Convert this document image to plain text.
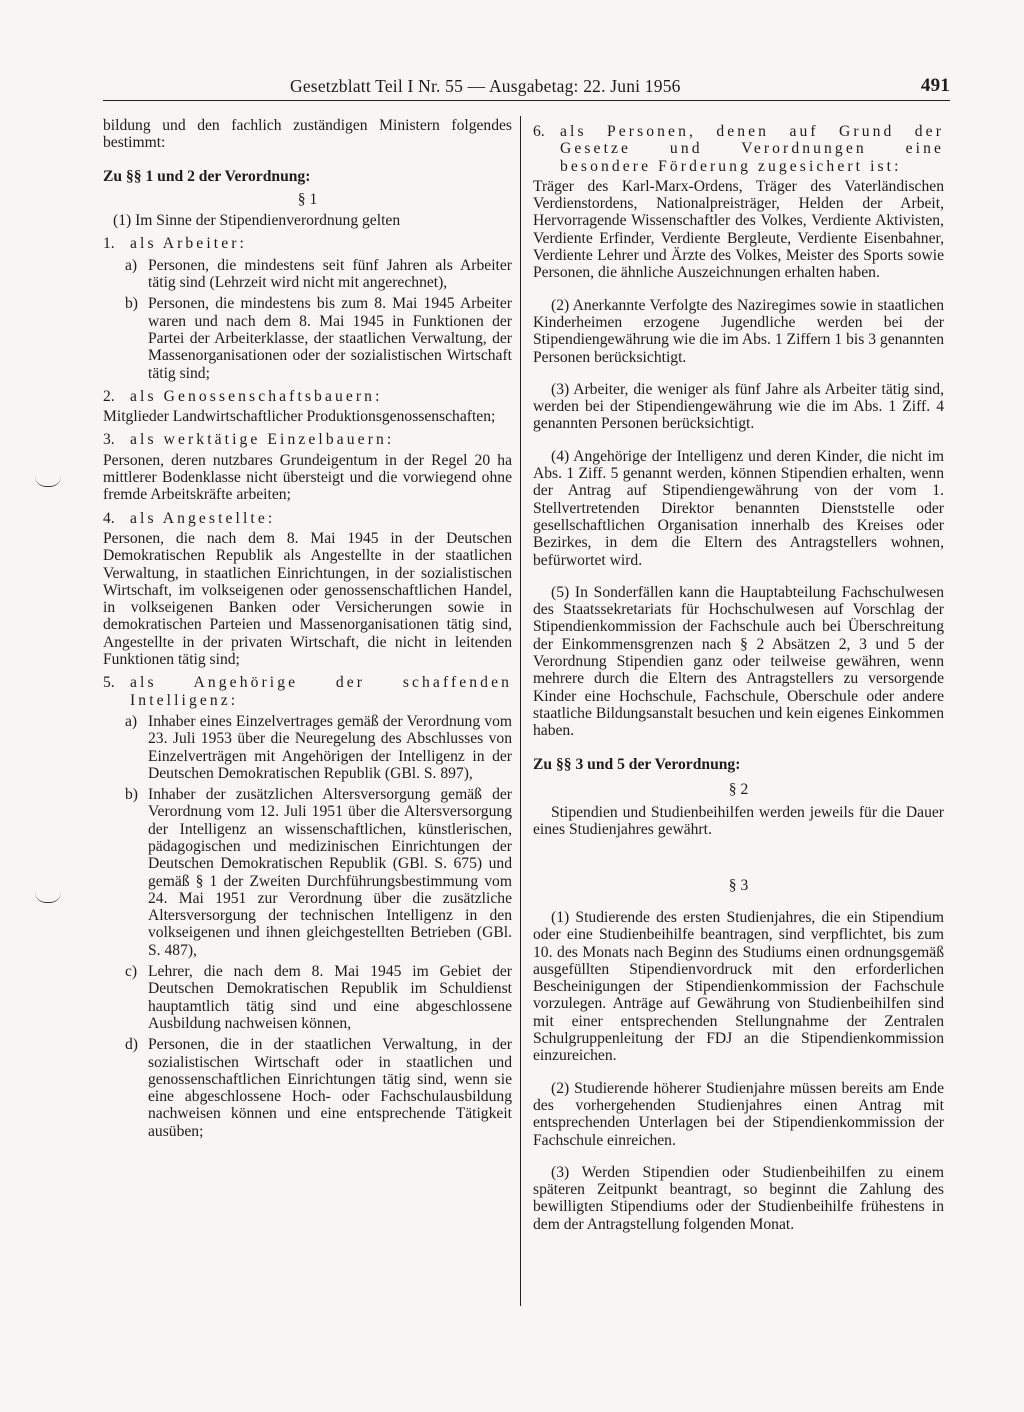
Gesetzblatt Teil I Nr. 55 — Ausgabetag: 22. Juni 1956	491

bildung und den fachlich zuständigen Ministern folgendes bestimmt:

Zu §§ 1 und 2 der Verordnung:

§ 1

(1) Im Sinne der Stipendienverordnung gelten

1. als Arbeiter:
a) Personen, die mindestens seit fünf Jahren als Arbeiter tätig sind (Lehrzeit wird nicht mit angerechnet),
b) Personen, die mindestens bis zum 8. Mai 1945 Arbeiter waren und nach dem 8. Mai 1945 in Funktionen der Partei der Arbeiterklasse, der staatlichen Verwaltung, der Massenorganisationen oder der sozialistischen Wirtschaft tätig sind;
2. als Genossenschaftsbauern:
Mitglieder Landwirtschaftlicher Produktionsgenossenschaften;
3. als werktätige Einzelbauern:
Personen, deren nutzbares Grundeigentum in der Regel 20 ha mittlerer Bodenklasse nicht übersteigt und die vorwiegend ohne fremde Arbeitskräfte arbeiten;
4. als Angestellte:
Personen, die nach dem 8. Mai 1945 in der Deutschen Demokratischen Republik als Angestellte in der staatlichen Verwaltung, in staatlichen Einrichtungen, in der sozialistischen Wirtschaft, im volkseigenen oder genossenschaftlichen Handel, in volkseigenen Banken oder Versicherungen sowie in demokratischen Parteien und Massenorganisationen tätig sind, Angestellte in der privaten Wirtschaft, die nicht in leitenden Funktionen tätig sind;
5. als Angehörige der schaffenden Intelligenz:
a) Inhaber eines Einzelvertrages gemäß der Verordnung vom 23. Juli 1953 über die Neuregelung des Abschlusses von Einzelverträgen mit Angehörigen der Intelligenz in der Deutschen Demokratischen Republik (GBl. S. 897),
b) Inhaber der zusätzlichen Altersversorgung gemäß der Verordnung vom 12. Juli 1951 über die Altersversorgung der Intelligenz an wissenschaftlichen, künstlerischen, pädagogischen und medizinischen Einrichtungen der Deutschen Demokratischen Republik (GBl. S. 675) und gemäß § 1 der Zweiten Durchführungsbestimmung vom 24. Mai 1951 zur Verordnung über die zusätzliche Altersversorgung der technischen Intelligenz in den volkseigenen und ihnen gleichgestellten Betrieben (GBl. S. 487),
c) Lehrer, die nach dem 8. Mai 1945 im Gebiet der Deutschen Demokratischen Republik im Schuldienst hauptamtlich tätig sind und eine abgeschlossene Ausbildung nachweisen können,
d) Personen, die in der staatlichen Verwaltung, in der sozialistischen Wirtschaft oder in staatlichen und genossenschaftlichen Einrichtungen tätig sind, wenn sie eine abgeschlossene Hoch- oder Fachschulausbildung nachweisen können und eine entsprechende Tätigkeit ausüben;
6. als Personen, denen auf Grund der Gesetze und Verordnungen eine besondere Förderung zugesichert ist:
Träger des Karl-Marx-Ordens, Träger des Vaterländischen Verdienstordens, Nationalpreisträger, Helden der Arbeit, Hervorragende Wissenschaftler des Volkes, Verdiente Aktivisten, Verdiente Erfinder, Verdiente Bergleute, Verdiente Eisenbahner, Verdiente Lehrer und Ärzte des Volkes, Meister des Sports sowie Personen, die ähnliche Auszeichnungen erhalten haben.

(2) Anerkannte Verfolgte des Naziregimes sowie in staatlichen Kinderheimen erzogene Jugendliche werden bei der Stipendiengewährung wie die im Abs. 1 Ziffern 1 bis 3 genannten Personen berücksichtigt.

(3) Arbeiter, die weniger als fünf Jahre als Arbeiter tätig sind, werden bei der Stipendiengewährung wie die im Abs. 1 Ziff. 4 genannten Personen berücksichtigt.

(4) Angehörige der Intelligenz und deren Kinder, die nicht im Abs. 1 Ziff. 5 genannt werden, können Stipendien erhalten, wenn der Antrag auf Stipendiengewährung von der vom 1. Stellvertretenden Direktor benannten Dienststelle oder gesellschaftlichen Organisation innerhalb des Kreises oder Bezirkes, in dem die Eltern des Antragstellers wohnen, befürwortet wird.

(5) In Sonderfällen kann die Hauptabteilung Fachschulwesen des Staatssekretariats für Hochschulwesen auf Vorschlag der Stipendienkommission der Fachschule auch bei Überschreitung der Einkommensgrenzen nach § 2 Absätzen 2, 3 und 5 der Verordnung Stipendien ganz oder teilweise gewähren, wenn mehrere durch die Eltern des Antragstellers zu versorgende Kinder eine Hochschule, Fachschule, Oberschule oder andere staatliche Bildungsanstalt besuchen und kein eigenes Einkommen haben.

Zu §§ 3 und 5 der Verordnung:

§ 2

Stipendien und Studienbeihilfen werden jeweils für die Dauer eines Studienjahres gewährt.

§ 3

(1) Studierende des ersten Studienjahres, die ein Stipendium oder eine Studienbeihilfe beantragen, sind verpflichtet, bis zum 10. des Monats nach Beginn des Studiums einen ordnungsgemäß ausgefüllten Stipendienvordruck mit den erforderlichen Bescheinigungen der Stipendienkommission der Fachschule vorzulegen. Anträge auf Gewährung von Studienbeihilfen sind mit einer entsprechenden Stellungnahme der Zentralen Schulgruppenleitung der FDJ an die Stipendienkommission einzureichen.

(2) Studierende höherer Studienjahre müssen bereits am Ende des vorhergehenden Studienjahres einen Antrag mit entsprechenden Unterlagen bei der Stipendienkommission der Fachschule einreichen.

(3) Werden Stipendien oder Studienbeihilfen zu einem späteren Zeitpunkt beantragt, so beginnt die Zahlung des bewilligten Stipendiums oder der Studienbeihilfe frühestens in dem der Antragstellung folgenden Monat.
